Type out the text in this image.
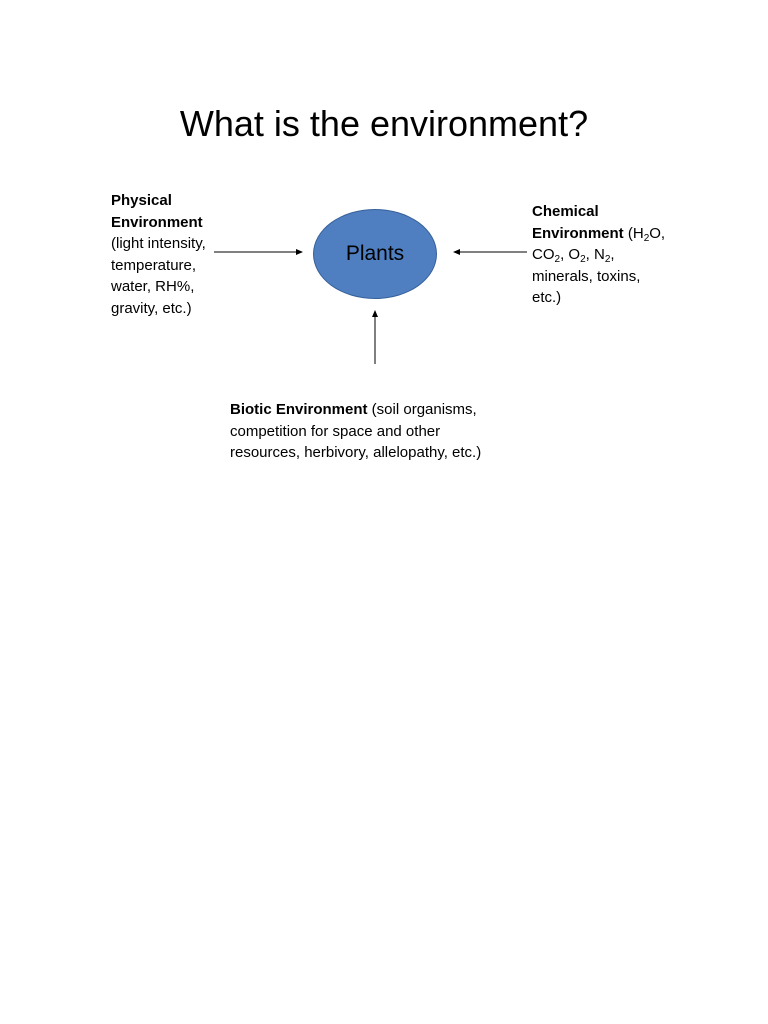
What is the environment?
Physical
Environment
(light intensity,
temperature,
water, RH%,
gravity, etc.)
Chemical
Environment ($H_2O$,
$CO_2$, $O_2$, $N_2$,
minerals, toxins,
etc.)
Plants
Biotic Environment (soil organisms,
competition for space and other
resources, herbivory, allelopathy, etc.)
